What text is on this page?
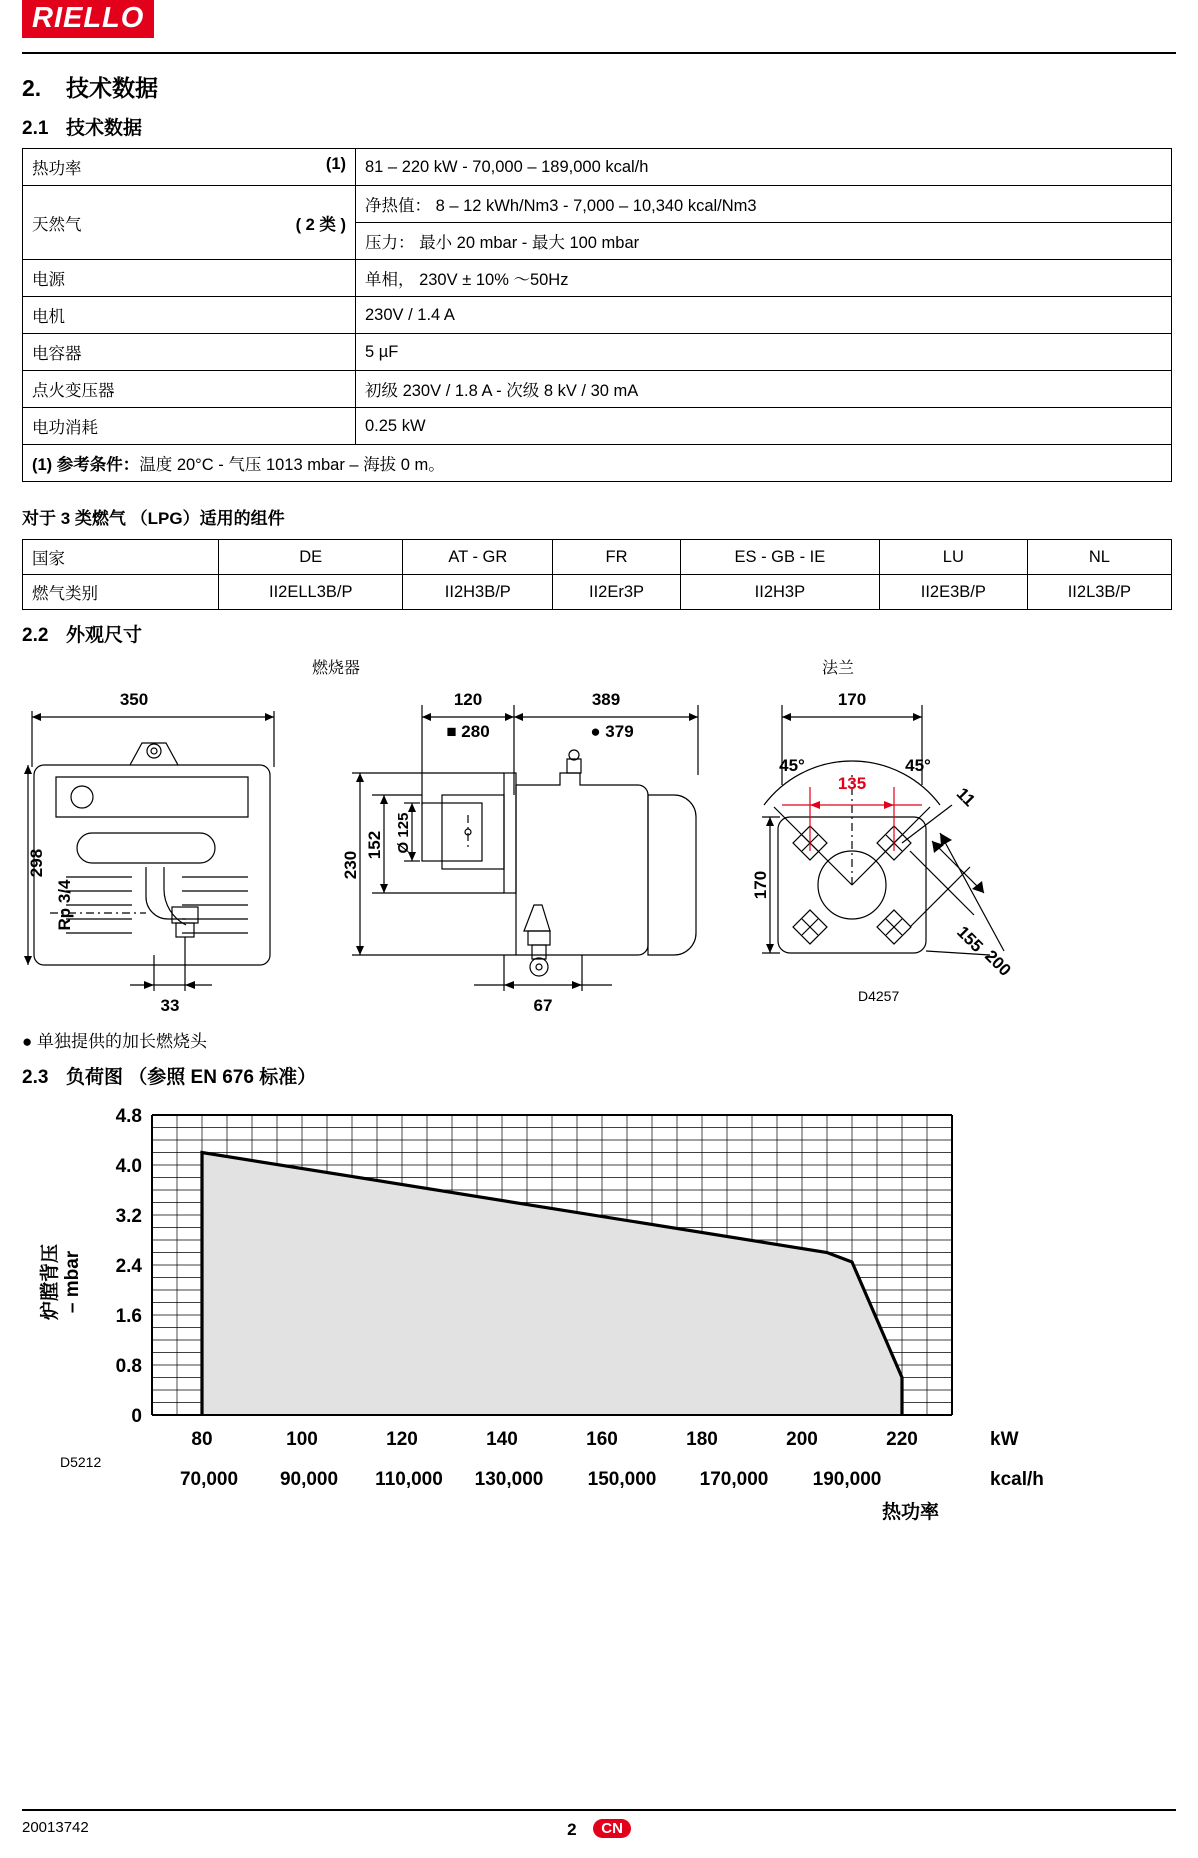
RIELLO
2. 技术数据
2.1 技术数据
热功率 (1)	81 – 220 kW - 70,000 – 189,000 kcal/h
天然气 ( 2 类 )	净热值： 8 – 12 kWh/Nm3 - 7,000 – 10,340 kcal/Nm3
	压力： 最小 20 mbar - 最大 100 mbar
电源	单相， 230V ± 10% 〜50Hz
电机	230V / 1.4 A
电容器	5 µF
点火变压器	初级 230V / 1.8 A - 次级 8 kV / 30 mA
电功消耗	0.25 kW
(1) 参考条件：温度 20°C - 气压 1013 mbar – 海拔 0 m。	
对于 3 类燃气 （LPG）适用的组件
国家	DE	AT - GR	FR	ES - GB - IE	LU	NL
燃气类别	II2ELL3B/P	II2H3B/P	II2Er3P	II2H3P	II2E3B/P	II2L3B/P
2.2 外观尺寸
燃烧器	法兰
350
298
Rp 3/4
33
120	389
■ 280	● 379
Ø 125
152
230
67
170
170
135
11
155
200
45°	45°
D4257
● 单独提供的加长燃烧头
2.3 负荷图 （参照 EN 676 标准）
0
0.8
1.6
2.4
3.2
4.0
4.8
炉膛背压 – mbar
80	100	120	140	160	180	200	220	kW
70,000 90,000 110,000 130,000 150,000 170,000 190,000	kcal/h
D5212
热功率
20013742	2 CN
